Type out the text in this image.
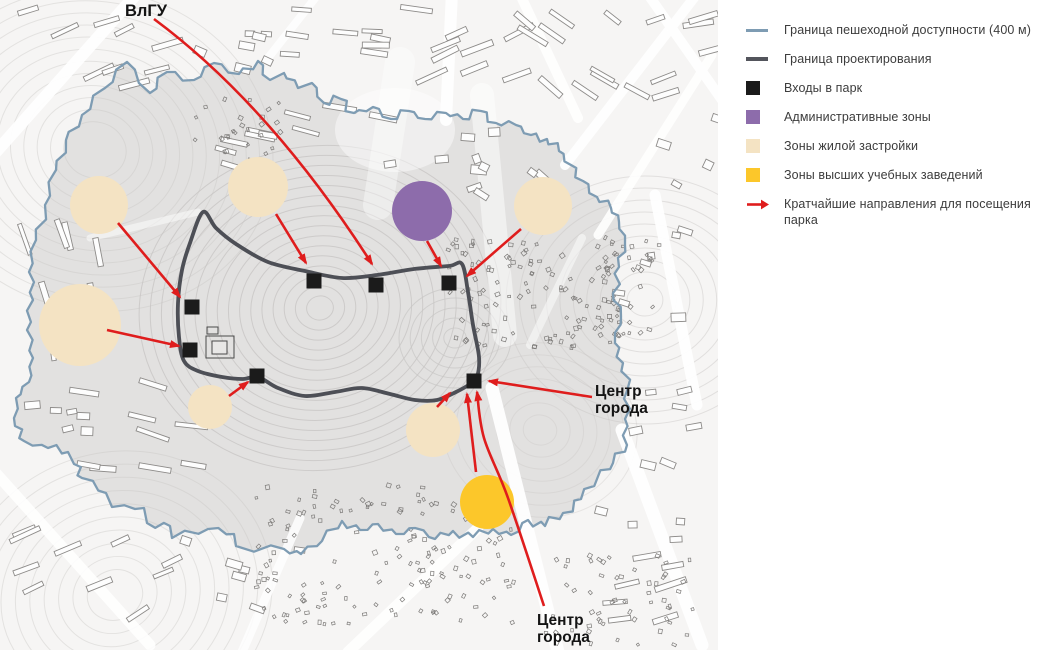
ВлГУ
Центр
города
Центр
города
Граница пешеходной доступности (400 м)
Граница проектирования
Входы в парк
Административные зоны
Зоны жилой застройки
Зоны высших учебных заведений
Кратчайшие направления для посещения парка
